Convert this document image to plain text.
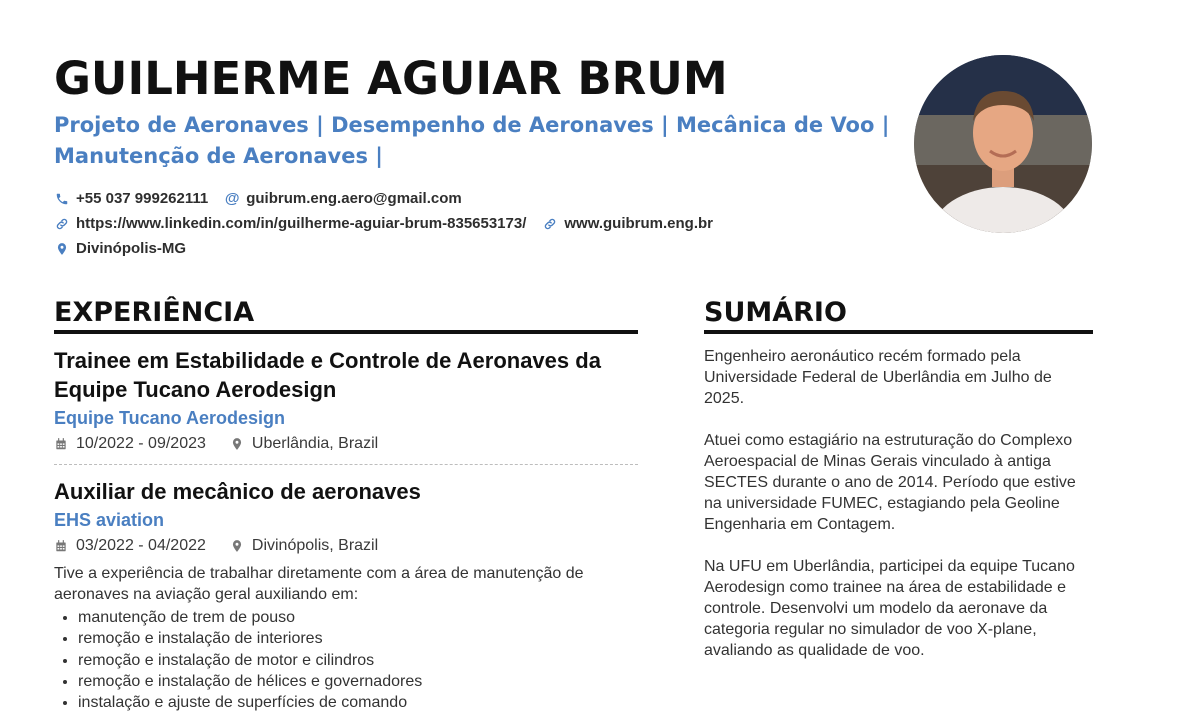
GUILHERME AGUIAR BRUM
Projeto de Aeronaves | Desempenho de Aeronaves | Mecânica de Voo |
Manutenção de Aeronaves |
+55 037 999262111 @ guibrum.eng.aero@gmail.com
https://www.linkedin.com/in/guilherme-aguiar-brum-835653173/	www.guibrum.eng.br
Divinópolis-MG
EXPERIÊNCIA	SUMÁRIO
Trainee em Estabilidade e Controle de Aeronaves da Equipe Tucano Aerodesign
Equipe Tucano Aerodesign
10/2022 - 09/2023	Uberlândia, Brazil
Auxiliar de mecânico de aeronaves
EHS aviation
03/2022 - 04/2022	Divinópolis, Brazil
Tive a experiência de trabalhar diretamente com a área de manutenção de aeronaves na aviação geral auxiliando em:
• manutenção de trem de pouso
• remoção e instalação de interiores
• remoção e instalação de motor e cilindros
• remoção e instalação de hélices e governadores
• instalação e ajuste de superfícies de comando

Engenheiro aeronáutico recém formado pela Universidade Federal de Uberlândia em Julho de 2025.

Atuei como estagiário na estruturação do Complexo Aeroespacial de Minas Gerais vinculado à antiga SECTES durante o ano de 2014. Período que estive na universidade FUMEC, estagiando pela Geoline Engenharia em Contagem.

Na UFU em Uberlândia, participei da equipe Tucano Aerodesign como trainee na área de estabilidade e controle. Desenvolvi um modelo da aeronave da categoria regular no simulador de voo X-plane, avaliando as qualidade de voo.
